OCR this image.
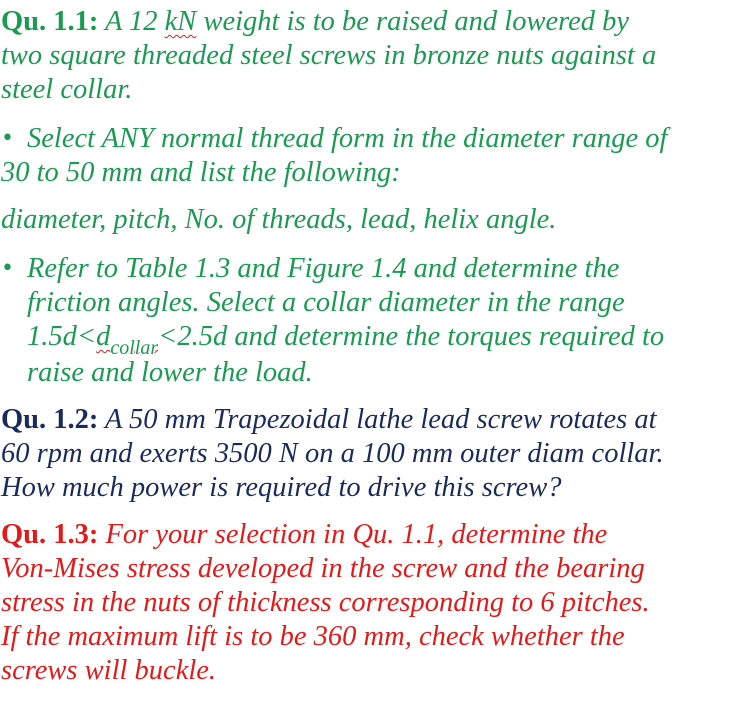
Qu. 1.1: A 12 kN weight is to be raised and lowered by
two square threaded steel screws in bronze nuts against a
steel collar.
• Select ANY normal thread form in the diameter range of
30 to 50 mm and list the following:
diameter, pitch, No. of threads, lead, helix angle.
• Refer to Table 1.3 and Figure 1.4 and determine the
friction angles. Select a collar diameter in the range
$1.5d<d_{collar}<2.5d$ and determine the torques required to
raise and lower the load.
Qu. 1.2: A 50 mm Trapezoidal lathe lead screw rotates at
60 rpm and exerts 3500 N on a 100 mm outer diam collar.
How much power is required to drive this screw?
Qu. 1.3: For your selection in Qu. 1.1, determine the
Von-Mises stress developed in the screw and the bearing
stress in the nuts of thickness corresponding to 6 pitches.
If the maximum lift is to be 360 mm, check whether the
screws will buckle.
